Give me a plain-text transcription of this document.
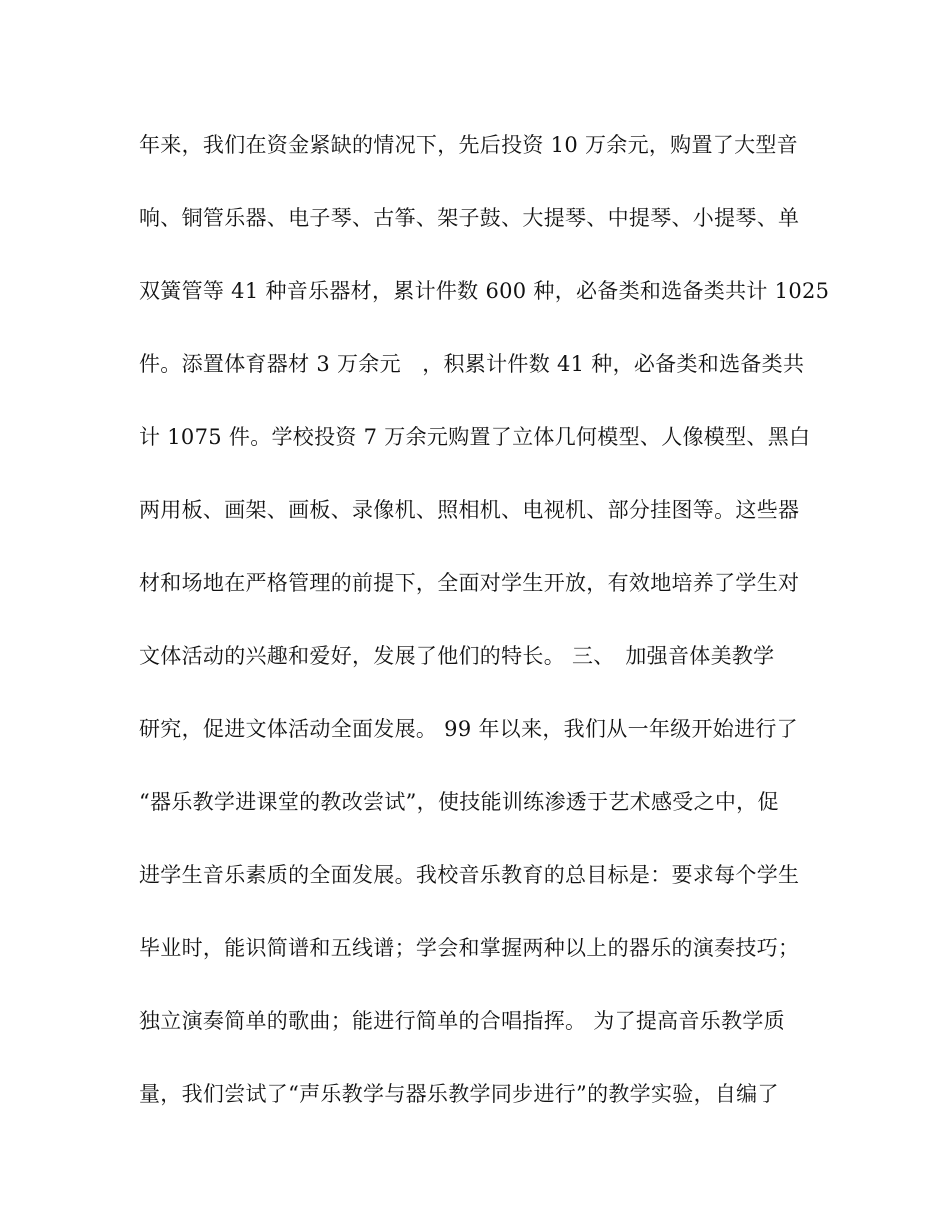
年来，我们在资金紧缺的情况下，先后投资 10 万余元，购置了大型音
响、铜管乐器、电子琴、古筝、架子鼓、大提琴、中提琴、小提琴、单
双簧管等 41 种音乐器材，累计件数 600 种，必备类和选备类共计 1025
件。添置体育器材 3 万余元　，积累计件数 41 种，必备类和选备类共
计 1075 件。学校投资 7 万余元购置了立体几何模型、人像模型、黑白
两用板、画架、画板、录像机、照相机、电视机、部分挂图等。这些器
材和场地在严格管理的前提下，全面对学生开放，有效地培养了学生对
文体活动的兴趣和爱好，发展了他们的特长。 三、　加强音体美教学
研究，促进文体活动全面发展。 99 年以来，我们从一年级开始进行了
“器乐教学进课堂的教改尝试”，使技能训练渗透于艺术感受之中，促
进学生音乐素质的全面发展。我校音乐教育的总目标是：要求每个学生
毕业时，能识简谱和五线谱；学会和掌握两种以上的器乐的演奏技巧；
独立演奏简单的歌曲；能进行简单的合唱指挥。 为了提高音乐教学质
量，我们尝试了“声乐教学与器乐教学同步进行”的教学实验，自编了
